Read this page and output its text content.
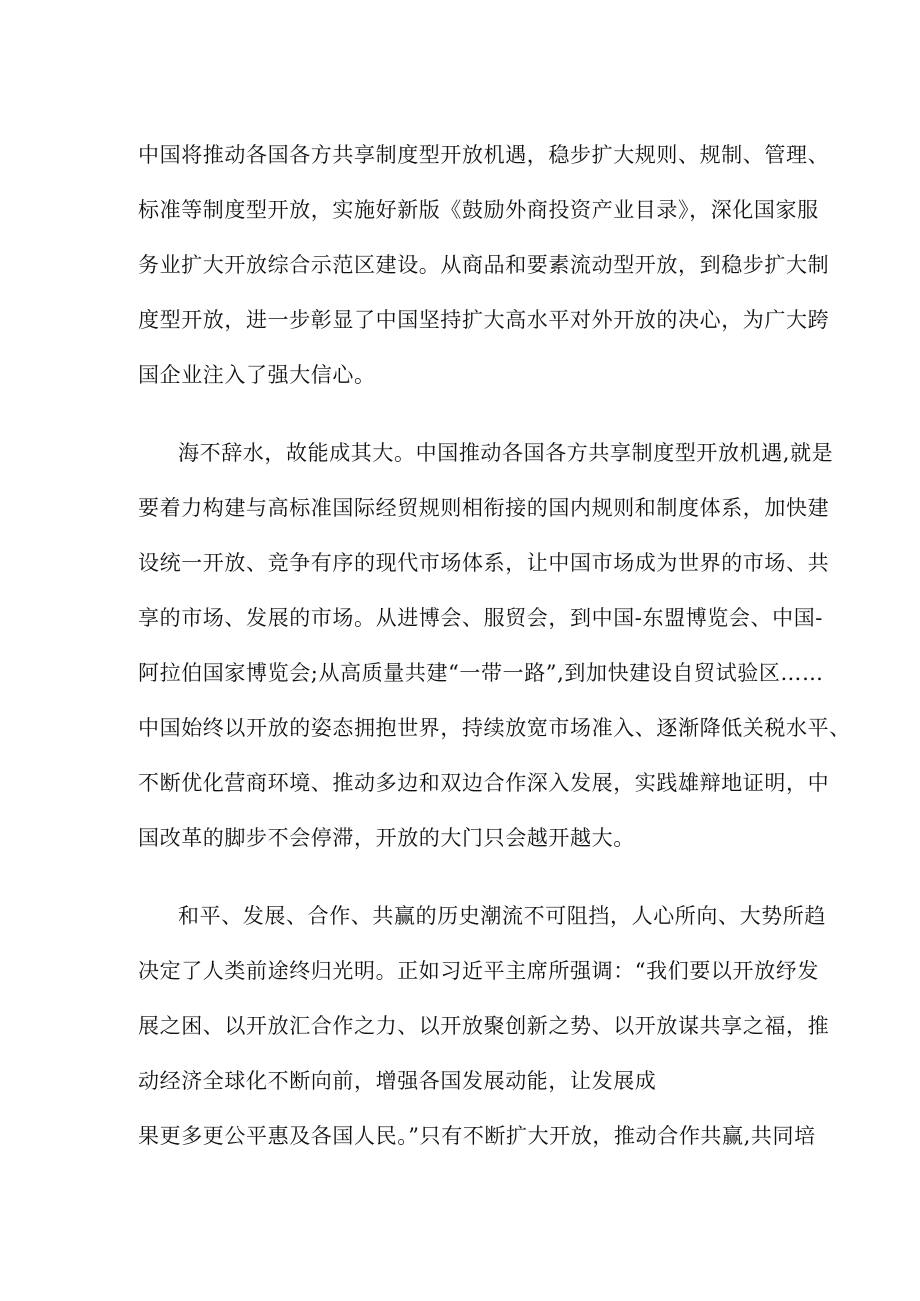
中国将推动各国各方共享制度型开放机遇，稳步扩大规则、规制、管理、
标准等制度型开放，实施好新版《鼓励外商投资产业目录》，深化国家服
务业扩大开放综合示范区建设。从商品和要素流动型开放，到稳步扩大制
度型开放，进一步彰显了中国坚持扩大高水平对外开放的决心，为广大跨
国企业注入了强大信心。
海不辞水，故能成其大。中国推动各国各方共享制度型开放机遇,就是
要着力构建与高标准国际经贸规则相衔接的国内规则和制度体系，加快建
设统一开放、竞争有序的现代市场体系，让中国市场成为世界的市场、共
享的市场、发展的市场。从进博会、服贸会，到中国-东盟博览会、中国-
阿拉伯国家博览会;从高质量共建“一带一路”,到加快建设自贸试验区……
中国始终以开放的姿态拥抱世界，持续放宽市场准入、逐渐降低关税水平、
不断优化营商环境、推动多边和双边合作深入发展，实践雄辩地证明，中
国改革的脚步不会停滞，开放的大门只会越开越大。
和平、发展、合作、共赢的历史潮流不可阻挡，人心所向、大势所趋
决定了人类前途终归光明。正如习近平主席所强调：“我们要以开放纾发
展之困、以开放汇合作之力、以开放聚创新之势、以开放谋共享之福，推
动经济全球化不断向前，增强各国发展动能，让发展成
果更多更公平惠及各国人民。”只有不断扩大开放，推动合作共赢,共同培
